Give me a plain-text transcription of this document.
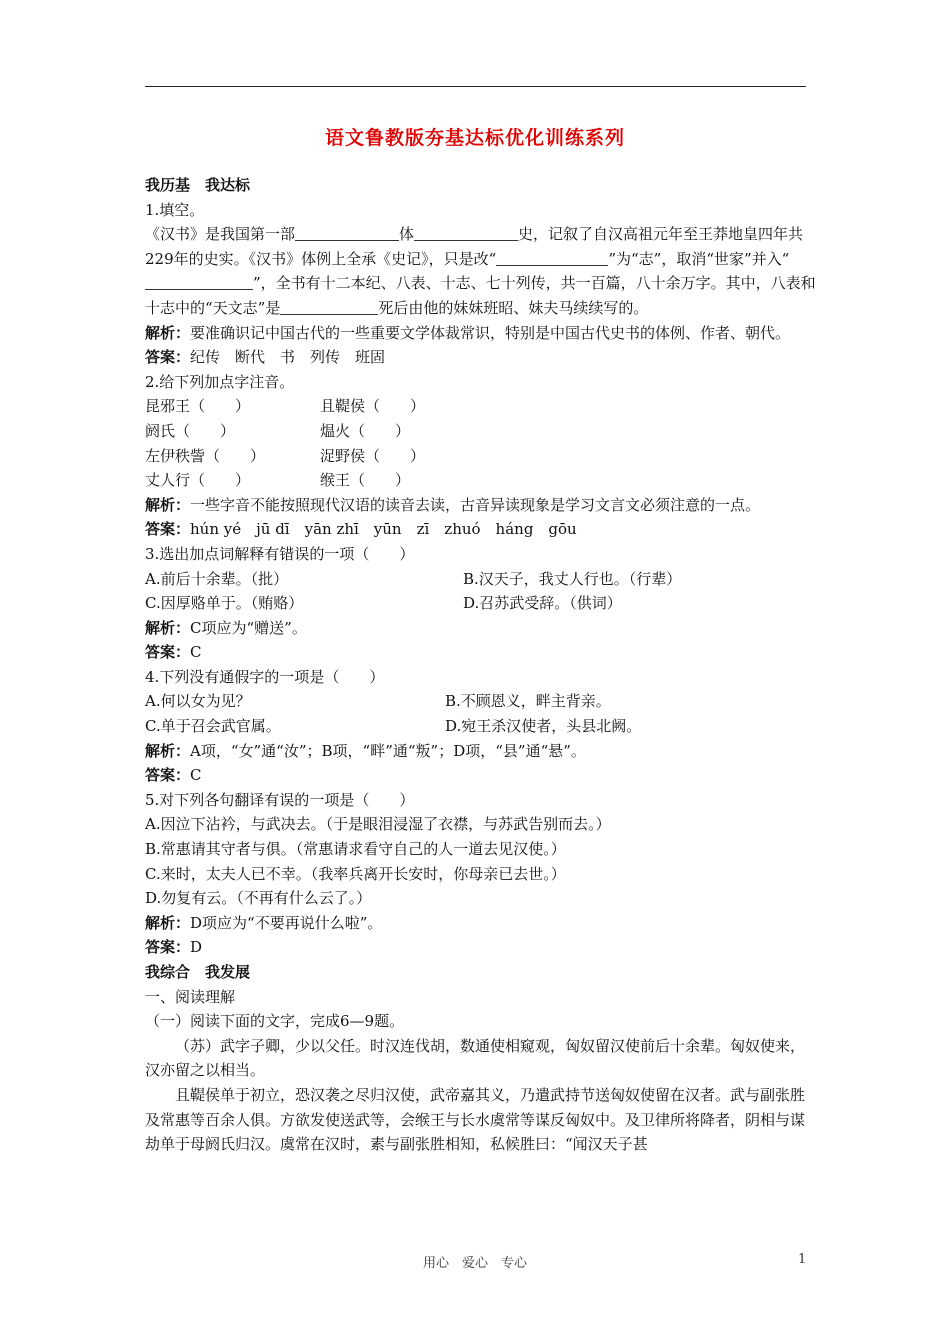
语文鲁教版夯基达标优化训练系列

我历基　我达标

1.填空。

《汉书》是我国第一部	体	史，记叙了自汉高祖元年至王莽地皇四年共229年的史实。《汉书》体例上全承《史记》，只是改“	”为“志”，取消“世家”并入“”，全书有十二本纪、八表、十志、七十列传，共一百篇，八十余万字。其中，八表和十志中的“天文志”是	死后由他的妹妹班昭、妹夫马续续写的。

解析：要准确识记中国古代的一些重要文学体裁常识，特别是中国古代史书的体例、作者、朝代。

答案：纪传　断代　书　列传　班固

2.给下列加点字注音。

昆邪王（　　）	且鞮侯（　　）
阏氏（　　）	煴火（　　）
左伊秩訾（　　）	浞野侯（　　）
丈人行（　　）	缑王（　　）

解析：一些字音不能按照现代汉语的读音去读，古音异读现象是学习文言文必须注意的一点。

答案：hún yé　jū dī　yān zhī　yūn　zī　zhuó　háng　gōu

3.选出加点词解释有错误的一项（　　）

A.前后十余辈。（批）	B.汉天子，我丈人行也。（行辈）
C.因厚赂单于。（贿赂）	D.召苏武受辞。（供词）

解析：C项应为“赠送”。

答案：C

4.下列没有通假字的一项是（　　）

A.何以女为见？	B.不顾恩义，畔主背亲。
C.单于召会武官属。	D.宛王杀汉使者，头县北阙。

解析：A项，“女”通“汝”；B项，“畔”通“叛”；D项，“县”通“悬”。

答案：C

5.对下列各句翻译有误的一项是（　　）

A.因泣下沾衿，与武决去。（于是眼泪浸湿了衣襟，与苏武告别而去。）

B.常惠请其守者与俱。（常惠请求看守自己的人一道去见汉使。）

C.来时，太夫人已不幸。（我率兵离开长安时，你母亲已去世。）

D.勿复有云。（不再有什么云了。）

解析：D项应为“不要再说什么啦”。

答案：D

我综合　我发展

一、阅读理解

（一）阅读下面的文字，完成6—9题。

（苏）武字子卿，少以父任。时汉连伐胡，数通使相窥观，匈奴留汉使前后十余辈。匈奴使来，汉亦留之以相当。

且鞮侯单于初立，恐汉袭之尽归汉使，武帝嘉其义，乃遣武持节送匈奴使留在汉者。武与副张胜及常惠等百余人俱。方欲发使送武等，会缑王与长水虞常等谋反匈奴中。及卫律所将降者，阴相与谋劫单于母阏氏归汉。虞常在汉时，素与副张胜相知，私候胜曰：“闻汉天子甚

用心　爱心　专心	1
